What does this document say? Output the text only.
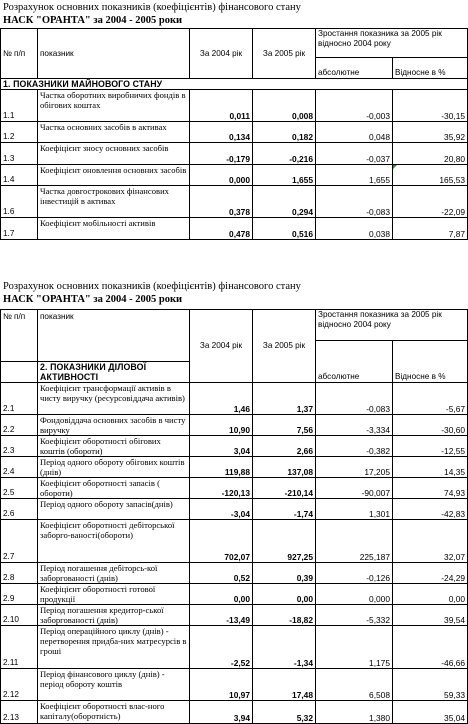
Розрахунок основних показників (коефіцієнтів) фінансового стану
НАСК "ОРАНТА" за 2004 - 2005 роки
№ п/п	показник	За 2004 рік	За 2005 рік	Зростання показника за 2005 рік відносно 2004 року	
				абсолютне	Відносне в %
1. ПОКАЗНИКИ МАЙНОВОГО СТАНУ					
1.1	Частка оборотних виробничих фондів в обігових коштах	0,011	0,008	-0,003	-30,15
1.2	Частка основних засобів в активах	0,134	0,182	0,048	35,92
1.3	Коефіцієнт зносу основних засобів	-0,179	-0,216	-0,037	20,80
1.4	Коефіцієнт оновлення основних засобів	0,000	1,655	1,655	165,53
1.6	Частка довгострокових фінансових інвестицій в активах	0,378	0,294	-0,083	-22,09
1.7	Коефіцієнт мобільності активів	0,478	0,516	0,038	7,87
Розрахунок основних показників (коефіцієнтів) фінансового стану
НАСК "ОРАНТА" за 2004 - 2005 роки
№ п/п	показник	За 2004 рік	За 2005 рік	Зростання показника за 2005 рік відносно 2004 року	
				абсолютне	Відносне в %
	2. ПОКАЗНИКИ ДІЛОВОЇ АКТИВНОСТІ				
2.1	Коефіцієнт трансформації активів в чисту виручку (ресурсовіддача активів)	1,46	1,37	-0,083	-5,67
2.2	Фондовіддача основних засобів в чисту виручку	10,90	7,56	-3,334	-30,60
2.3	Коефіцієнт оборотності обігових коштів (обороти)	3,04	2,66	-0,382	-12,55
2.4	Період одного обороту обігових коштів (днів)	119,88	137,08	17,205	14,35
2.5	Коефіцієнт оборотності запасів ( обороти)	-120,13	-210,14	-90,007	74,93
2.6	Період одного обороту запасів(днів)	-3,04	-1,74	1,301	-42,83
2.7	Коефіцієнт оборотності дебіторської заборго-ваності(обороти)	702,07	927,25	225,187	32,07
2.8	Період погашення дебіторсь-кої заборгованості (днів)	0,52	0,39	-0,126	-24,29
2.9	Коефіцієнт оборотності готової продукції	0,00	0,00	0,000	0,00
2.10	Період погашення кредитор-ської заборгованості (днів)	-13,49	-18,82	-5,332	39,54
2.11	Період операційного циклу (днів) - перетворення придба-них матресурсів в гроші	-2,52	-1,34	1,175	-46,66
2.12	Період фінансового циклу (днів) - період обороту коштів	10,97	17,48	6,508	59,33
2.13	Коефіцієнт оборотності влас-ного капіталу(оборотність)	3,94	5,32	1,380	35,04
